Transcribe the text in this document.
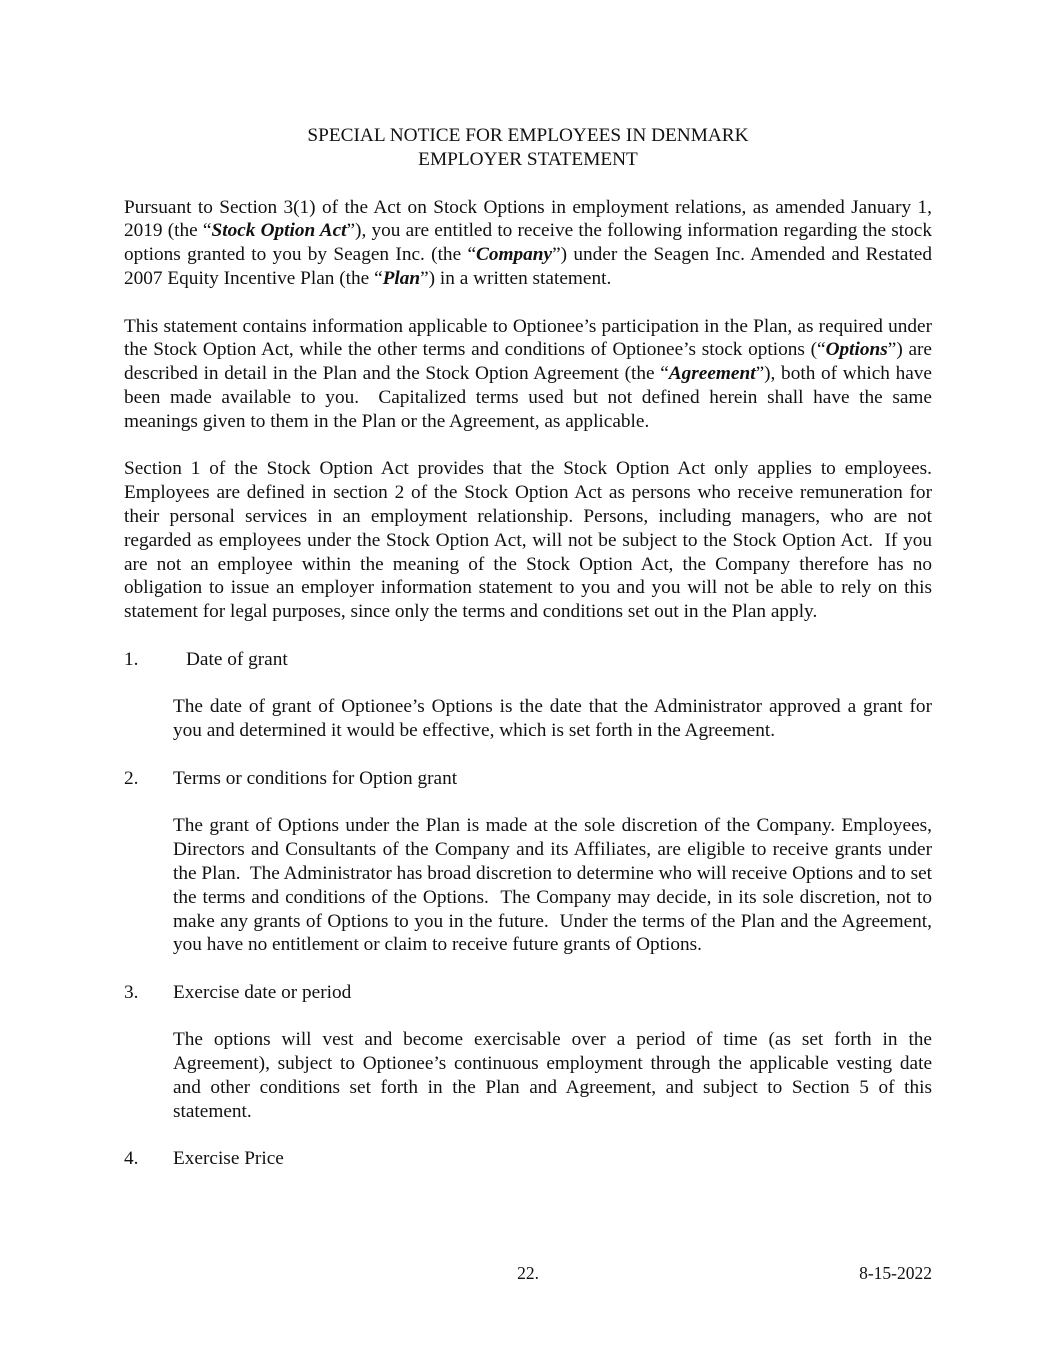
SPECIAL NOTICE FOR EMPLOYEES IN DENMARK

EMPLOYER STATEMENT

Pursuant to Section 3(1) of the Act on Stock Options in employment relations, as amended January 1, 2019 (the “Stock Option Act”), you are entitled to receive the following information regarding the stock options granted to you by Seagen Inc. (the “Company”) under the Seagen Inc. Amended and Restated 2007 Equity Incentive Plan (the “Plan”) in a written statement.

This statement contains information applicable to Optionee’s participation in the Plan, as required under the Stock Option Act, while the other terms and conditions of Optionee’s stock options (“Options”) are described in detail in the Plan and the Stock Option Agreement (the “Agreement”), both of which have been made available to you.  Capitalized terms used but not defined herein shall have the same meanings given to them in the Plan or the Agreement, as applicable.

Section 1 of the Stock Option Act provides that the Stock Option Act only applies to employees. Employees are defined in section 2 of the Stock Option Act as persons who receive remuneration for their personal services in an employment relationship. Persons, including managers, who are not regarded as employees under the Stock Option Act, will not be subject to the Stock Option Act.  If you are not an employee within the meaning of the Stock Option Act, the Company therefore has no obligation to issue an employer information statement to you and you will not be able to rely on this statement for legal purposes, since only the terms and conditions set out in the Plan apply.

1.	Date of grant

The date of grant of Optionee’s Options is the date that the Administrator approved a grant for you and determined it would be effective, which is set forth in the Agreement.

2.	Terms or conditions for Option grant

The grant of Options under the Plan is made at the sole discretion of the Company. Employees, Directors and Consultants of the Company and its Affiliates, are eligible to receive grants under the Plan.  The Administrator has broad discretion to determine who will receive Options and to set the terms and conditions of the Options.  The Company may decide, in its sole discretion, not to make any grants of Options to you in the future.  Under the terms of the Plan and the Agreement, you have no entitlement or claim to receive future grants of Options.

3.	Exercise date or period

The options will vest and become exercisable over a period of time (as set forth in the Agreement), subject to Optionee’s continuous employment through the applicable vesting date and other conditions set forth in the Plan and Agreement, and subject to Section 5 of this statement.

4.	Exercise Price
22.	8-15-2022
